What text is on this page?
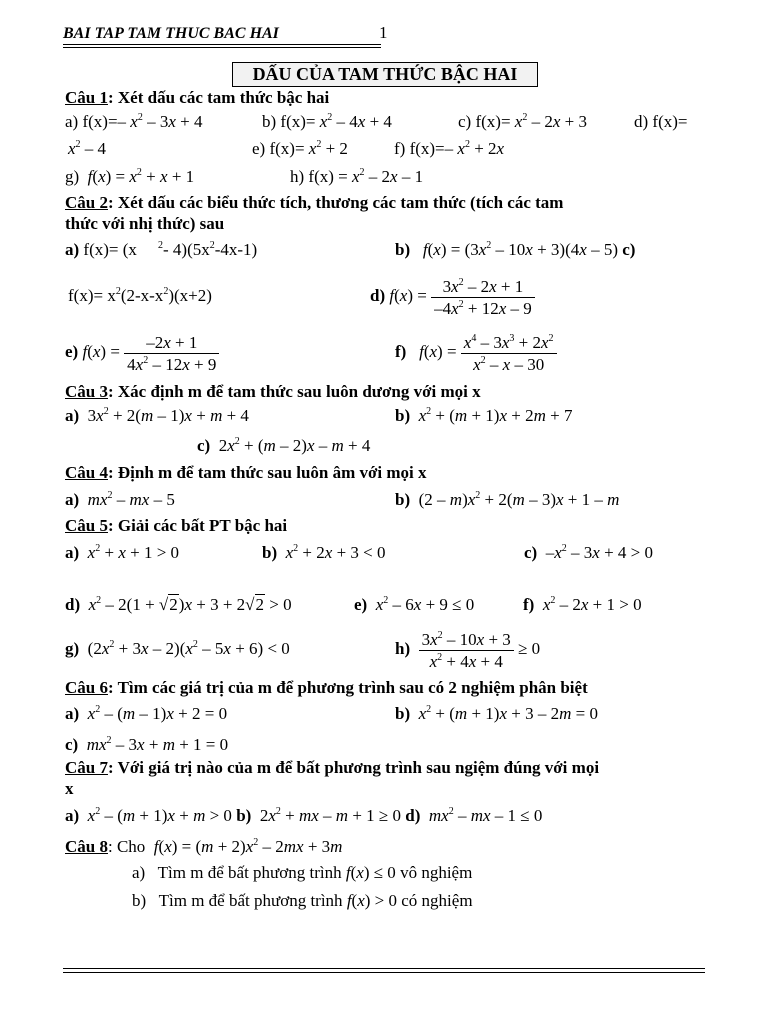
BAI TAP TAM THUC BAC HAI	1
DẤU CỦA TAM THỨC BẬC HAI
Câu 1: Xét dấu các tam thức bậc hai
a) f(x)=– $x^2 - 3x + 4$	b) $f(x)= x^2 - 4x + 4$	c) $f(x)= x^2 - 2x + 3$	d) f(x)=
$x^2 - 4$	e) $f(x)= x^2 + 2$	f) f(x)=– $x^2 + 2x$
g) $f(x) = x^2 + x + 1$	h) $f(x) = x^2 - 2x - 1$
Câu 2: Xét dấu các biểu thức tích, thương các tam thức (tích các tam
thức với nhị thức) sau
a) f(x)= (x $^2$- $4)(5x^2-4x-1)$	b) $f(x) = (3x^2 - 10x + 3)(4x - 5)$ c)
$f(x)= x^2(2-x-x^2)(x+2)$	d) $f(x) = \frac{3x^2 - 2x + 1}{-4x^2 + 12x - 9}$
e) $f(x) = \frac{-2x + 1}{4x^2 - 12x + 9}$	f) $f(x) = \frac{x^4 - 3x^3 + 2x^2}{x^2 - x - 30}$
Câu 3: Xác định m để tam thức sau luôn dương với mọi x
a)  $3x^2 + 2(m - 1)x + m + 4$	b) $x^2 + (m + 1)x + 2m + 7$
c)  $2x^2 + (m - 2)x - m + 4$
Câu 4: Định m để tam thức sau luôn âm với mọi x
a) $mx^2$ – mx – 5	b)  $(2 - m)x^2 + 2(m - 3)x + 1 - m$
Câu 5: Giải các bất PT bậc hai
a) $x^2 + x + 1 > 0$	b) $x^2 + 2x + 3 < 0$	c)  $-x^2 - 3x + 4 > 0$
d) $x^2 - 2(1 + √2)x + 3 + 2√2 > 0$	e) $x^2 - 6x + 9 \le 0$	f) $x^2 - 2x + 1 > 0$
g)  $(2x^2 + 3x - 2)(x^2 - 5x + 6) < 0$	$h) \frac{3x^2 - 10x + 3}{x^2 + 4x + 4} \ge 0$
Câu 6: Tìm các giá trị của m để phương trình sau có 2 nghiệm phân biệt
a) $x^2 - (m - 1)x + 2 = 0$	b) $x^2 + (m + 1)x + 3 - 2m = 0$
c) $mx^2 - 3x + m + 1 = 0$
Câu 7: Với giá trị nào của m để bất phương trình sau ngiệm đúng với mọi
x
a) $x^2 - (m + 1)x + m > 0$ b)  $2x^2$ + mx – m + 1 ≥ 0 d) $mx^2$ – mx – 1 ≤ 0
Câu 8: Cho $f(x) = (m + 2)x^2 - 2mx + 3m$
a) Tìm m để bất phương trình f(x) ≤ 0 vô nghiệm
b) Tìm m để bất phương trình f(x) > 0 có nghiệm
